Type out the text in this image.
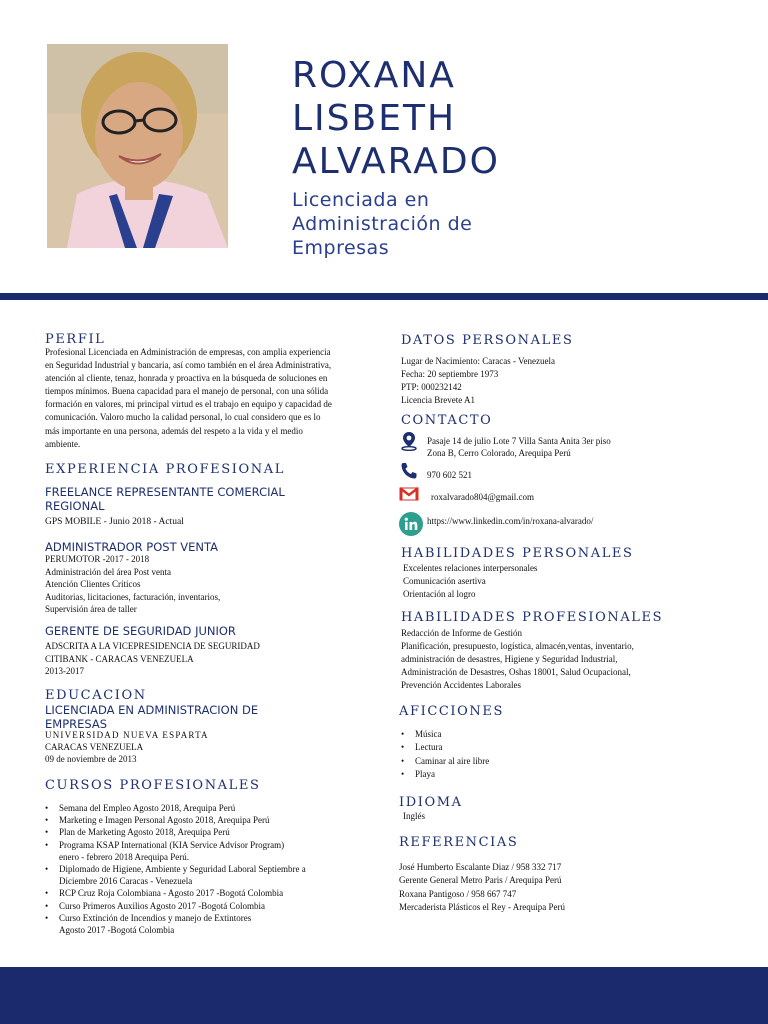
ROXANA
LISBETH
ALVARADO
Licenciada en
Administración de
Empresas
PERFIL
Profesional Licenciada en Administración de empresas, con amplia experiencia en Seguridad Industrial y bancaria, así como también en el área Administrativa, atención al cliente, tenaz, honrada y proactiva en la búsqueda de soluciones en tiempos mínimos. Buena capacidad para el manejo de personal, con una sólida formación en valores, mi principal virtud es el trabajo en equipo y capacidad de comunicación. Valoro mucho la calidad personal, lo cual considero que es lo más importante en una persona, además del respeto a la vida y el medio ambiente.
EXPERIENCIA PROFESIONAL
FREELANCE REPRESENTANTE COMERCIAL REGIONAL
GPS MOBILE - Junio 2018 - Actual
ADMINISTRADOR POST VENTA
PERUMOTOR -2017 - 2018
Administración del área Post venta
Atención Clientes Críticos
Auditorias, licitaciones, facturación, inventarios,
Supervisión área de taller
GERENTE DE SEGURIDAD JUNIOR
ADSCRITA A LA VICEPRESIDENCIA DE SEGURIDAD
CITIBANK - CARACAS VENEZUELA
2013-2017
EDUCACION
LICENCIADA EN ADMINISTRACION DE EMPRESAS
UNIVERSIDAD NUEVA ESPARTA
CARACAS VENEZUELA
09 de noviembre de 2013
CURSOS PROFESIONALES
• Semana del Empleo Agosto 2018, Arequipa Perú
• Marketing e Imagen Personal Agosto 2018, Arequipa Perú
• Plan de Marketing Agosto 2018, Arequipa Perú
• Programa KSAP International (KIA Service Advisor Program)
enero - febrero 2018 Arequipa Perú.
• Diplomado de Higiene, Ambiente y Seguridad Laboral Septiembre a
Diciembre 2016 Caracas - Venezuela
• RCP Cruz Roja Colombiana - Agosto 2017 -Bogotá Colombia
• Curso Primeros Auxilios Agosto 2017 -Bogotá Colombia
• Curso Extinción de Incendios y manejo de Extintores
Agosto 2017 -Bogotá Colombia
DATOS PERSONALES
Lugar de Nacimiento: Caracas - Venezuela
Fecha: 20 septiembre 1973
PTP: 000232142
Licencia Brevete A1
CONTACTO
Pasaje 14 de julio Lote 7 Villa Santa Anita 3er piso
Zona B, Cerro Colorado, Arequipa Perú
970 602 521
roxalvarado804@gmail.com
https://www.linkedin.com/in/roxana-alvarado/
HABILIDADES PERSONALES
Excelentes relaciones interpersonales
Comunicación asertiva
Orientación al logro
HABILIDADES PROFESIONALES
Redacción de Informe de Gestión
Planificación, presupuesto, logística, almacén,ventas, inventario,
administración de desastres, Higiene y Seguridad Industrial,
Administración de Desastres, Oshas 18001, Salud Ocupacional,
Prevención Accidentes Laborales
AFICCIONES
• Música
• Lectura
• Caminar al aire libre
• Playa
IDIOMA
Inglés
REFERENCIAS
José Humberto Escalante Diaz / 958 332 717
Gerente General Metro Paris / Arequipa Perú
Roxana Pantigoso / 958 667 747
Mercaderista Plásticos el Rey - Arequipa Perú
